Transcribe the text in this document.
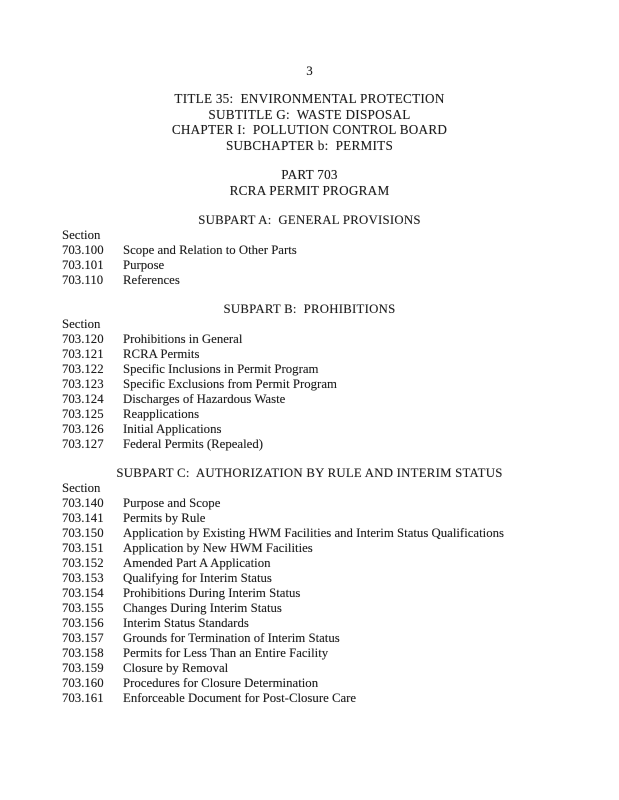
3
TITLE 35:  ENVIRONMENTAL PROTECTION
SUBTITLE G:  WASTE DISPOSAL
CHAPTER I:  POLLUTION CONTROL BOARD
SUBCHAPTER b:  PERMITS
PART 703
RCRA PERMIT PROGRAM
SUBPART A:  GENERAL PROVISIONS
Section
703.100	Scope and Relation to Other Parts
703.101	Purpose
703.110	References
SUBPART B:  PROHIBITIONS
Section
703.120	Prohibitions in General
703.121	RCRA Permits
703.122	Specific Inclusions in Permit Program
703.123	Specific Exclusions from Permit Program
703.124	Discharges of Hazardous Waste
703.125	Reapplications
703.126	Initial Applications
703.127	Federal Permits (Repealed)
SUBPART C:  AUTHORIZATION BY RULE AND INTERIM STATUS
Section
703.140	Purpose and Scope
703.141	Permits by Rule
703.150	Application by Existing HWM Facilities and Interim Status Qualifications
703.151	Application by New HWM Facilities
703.152	Amended Part A Application
703.153	Qualifying for Interim Status
703.154	Prohibitions During Interim Status
703.155	Changes During Interim Status
703.156	Interim Status Standards
703.157	Grounds for Termination of Interim Status
703.158	Permits for Less Than an Entire Facility
703.159	Closure by Removal
703.160	Procedures for Closure Determination
703.161	Enforceable Document for Post-Closure Care
